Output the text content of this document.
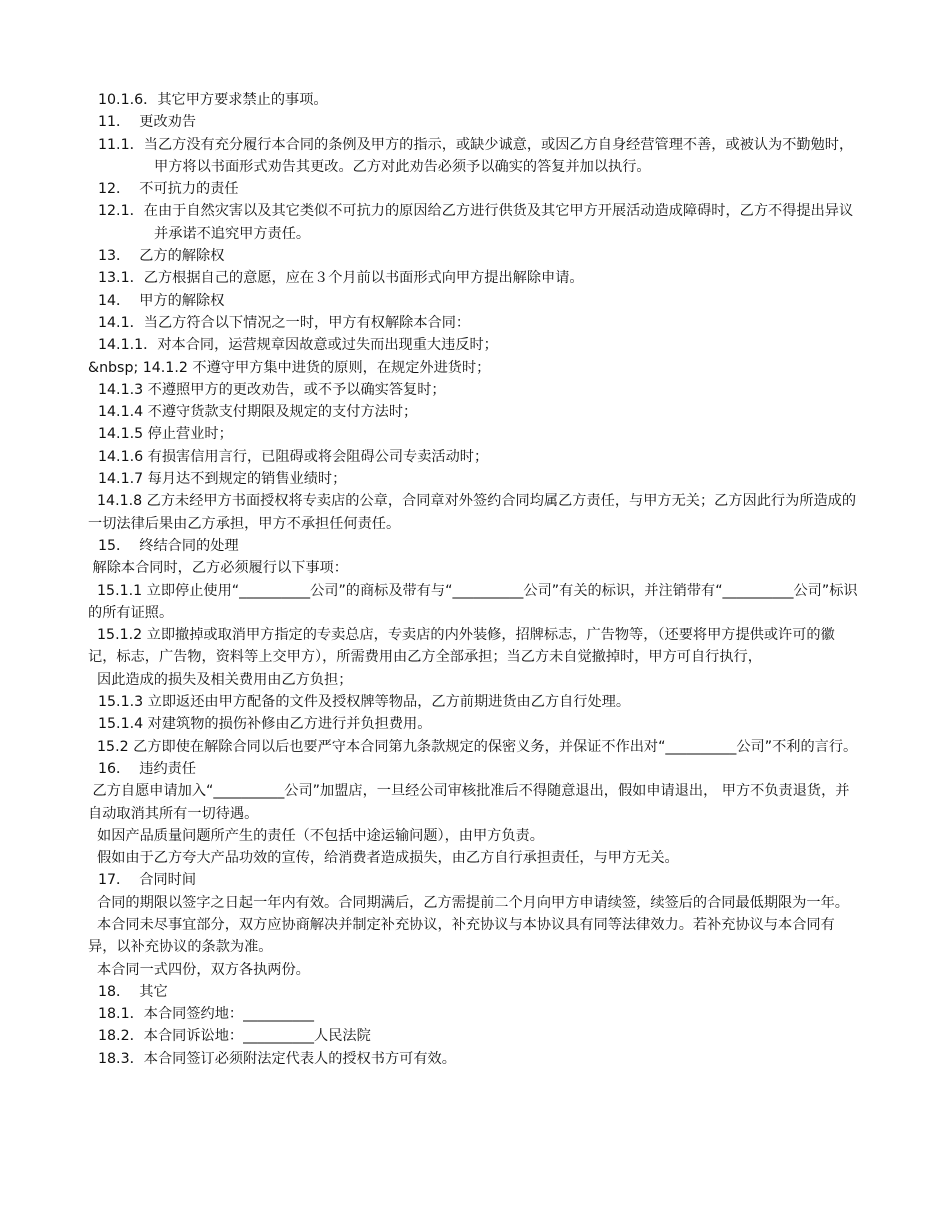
10.1.6．其它甲方要求禁止的事项。
11．  更改劝告
11.1．当乙方没有充分履行本合同的条例及甲方的指示，或缺少诚意，或因乙方自身经营管理不善，或被认为不勤勉时，甲方将以书面形式劝告其更改。乙方对此劝告必须予以确实的答复并加以执行。
12．  不可抗力的责任
12.1．在由于自然灾害以及其它类似不可抗力的原因给乙方进行供货及其它甲方开展活动造成障碍时，乙方不得提出异议并承诺不追究甲方责任。
13．  乙方的解除权
13.1．乙方根据自己的意愿，应在３个月前以书面形式向甲方提出解除申请。
14．  甲方的解除权
14.1．当乙方符合以下情况之一时，甲方有权解除本合同：
14.1.1．对本合同，运营规章因故意或过失而出现重大违反时；
&nbsp; 14.1.2 不遵守甲方集中进货的原则，在规定外进货时；
14.1.3 不遵照甲方的更改劝告，或不予以确实答复时；
14.1.4 不遵守货款支付期限及规定的支付方法时；
14.1.5 停止营业时；
14.1.6 有损害信用言行，已阻碍或将会阻碍公司专卖活动时；
14.1.7 每月达不到规定的销售业绩时；
14.1.8 乙方未经甲方书面授权将专卖店的公章，合同章对外签约合同均属乙方责任，与甲方无关；乙方因此行为所造成的一切法律后果由乙方承担，甲方不承担任何责任。
15．  终结合同的处理
解除本合同时，乙方必须履行以下事项：
15.1.1 立即停止使用“__________公司”的商标及带有与“__________公司”有关的标识，并注销带有“__________公司”标识的所有证照。
15.1.2 立即撤掉或取消甲方指定的专卖总店，专卖店的内外装修，招牌标志，广告物等，（还要将甲方提供或许可的徽记，标志，广告物，资料等上交甲方），所需费用由乙方全部承担；当乙方未自觉撤掉时，甲方可自行执行，
因此造成的损失及相关费用由乙方负担；
15.1.3 立即返还由甲方配备的文件及授权牌等物品，乙方前期进货由乙方自行处理。
15.1.4 对建筑物的损伤补修由乙方进行并负担费用。
15.2 乙方即使在解除合同以后也要严守本合同第九条款规定的保密义务，并保证不作出对“__________公司”不利的言行。
16．  违约责任
乙方自愿申请加入“__________公司”加盟店，一旦经公司审核批准后不得随意退出，假如申请退出， 甲方不负责退货，并自动取消其所有一切待遇。
如因产品质量问题所产生的责任（不包括中途运输问题），由甲方负责。
假如由于乙方夸大产品功效的宣传，给消费者造成损失，由乙方自行承担责任，与甲方无关。
17．  合同时间
合同的期限以签字之日起一年内有效。合同期满后，乙方需提前二个月向甲方申请续签，续签后的合同最低期限为一年。
本合同未尽事宜部分，双方应协商解决并制定补充协议，补充协议与本协议具有同等法律效力。若补充协议与本合同有异，以补充协议的条款为准。
本合同一式四份，双方各执两份。
18．  其它
18.1．本合同签约地：__________
18.2．本合同诉讼地：__________人民法院
18.3．本合同签订必须附法定代表人的授权书方可有效。
